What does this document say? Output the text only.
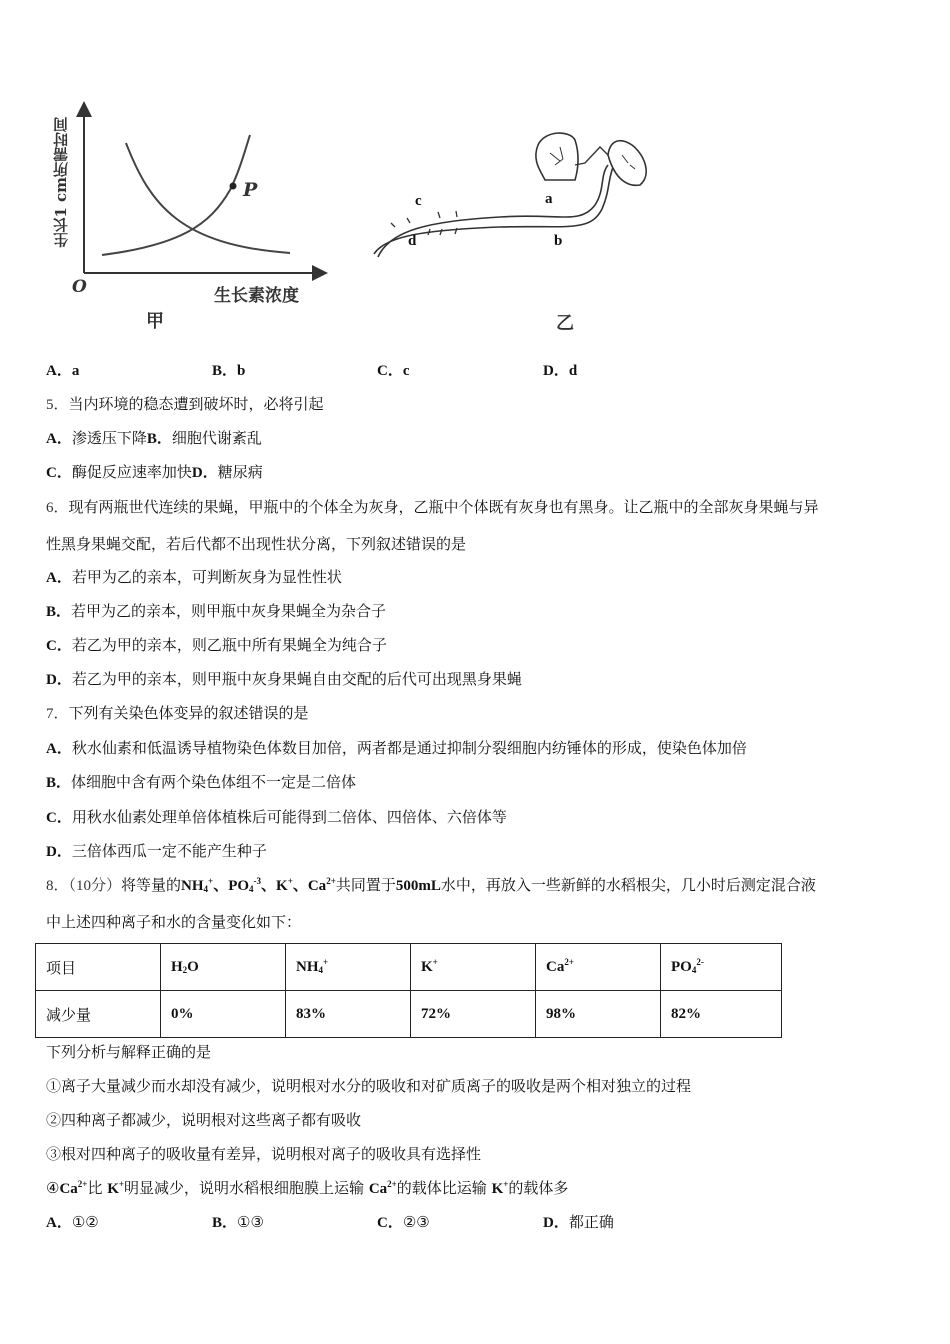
生长1 cm所需时间	P
O	生长素浓度
甲
a
b
c
d
乙
A．a	B．b	C．c	D．d
5．当内环境的稳态遭到破坏时，必将引起
A．渗透压下降B．细胞代谢紊乱
C．酶促反应速率加快D．糖尿病
6．现有两瓶世代连续的果蝇，甲瓶中的个体全为灰身，乙瓶中个体既有灰身也有黑身。让乙瓶中的全部灰身果蝇与异
性黑身果蝇交配，若后代都不出现性状分离，下列叙述错误的是
A．若甲为乙的亲本，可判断灰身为显性性状
B．若甲为乙的亲本，则甲瓶中灰身果蝇全为杂合子
C．若乙为甲的亲本，则乙瓶中所有果蝇全为纯合子
D．若乙为甲的亲本，则甲瓶中灰身果蝇自由交配的后代可出现黑身果蝇
7．下列有关染色体变异的叙述错误的是
A．秋水仙素和低温诱导植物染色体数目加倍，两者都是通过抑制分裂细胞内纺锤体的形成，使染色体加倍
B．体细胞中含有两个染色体组不一定是二倍体
C．用秋水仙素处理单倍体植株后可能得到二倍体、四倍体、六倍体等
D．三倍体西瓜一定不能产生种子
8．（10分）将等量的$NH_4^+$、$PO_4^{-3}$、K+、$Ca^{2+}$共同置于500mL水中，再放入一些新鲜的水稻根尖，几小时后测定混合液
中上述四种离子和水的含量变化如下：
项目	$H_2O$	$NH_4^+$	K+	$Ca^{2+}$	$PO_4^{2-}$
减少量	0%	83%	72%	98%	82%
下列分析与解释正确的是
①离子大量减少而水却没有减少，说明根对水分的吸收和对矿质离子的吸收是两个相对独立的过程
②四种离子都减少，说明根对这些离子都有吸收
③根对四种离子的吸收量有差异，说明根对离子的吸收具有选择性
$④Ca^{2+}$比 K+明显减少，说明水稻根细胞膜上运输 $Ca^{2+}$的载体比运输 K+的载体多
A．①②	B．①③	C．②③	D．都正确
